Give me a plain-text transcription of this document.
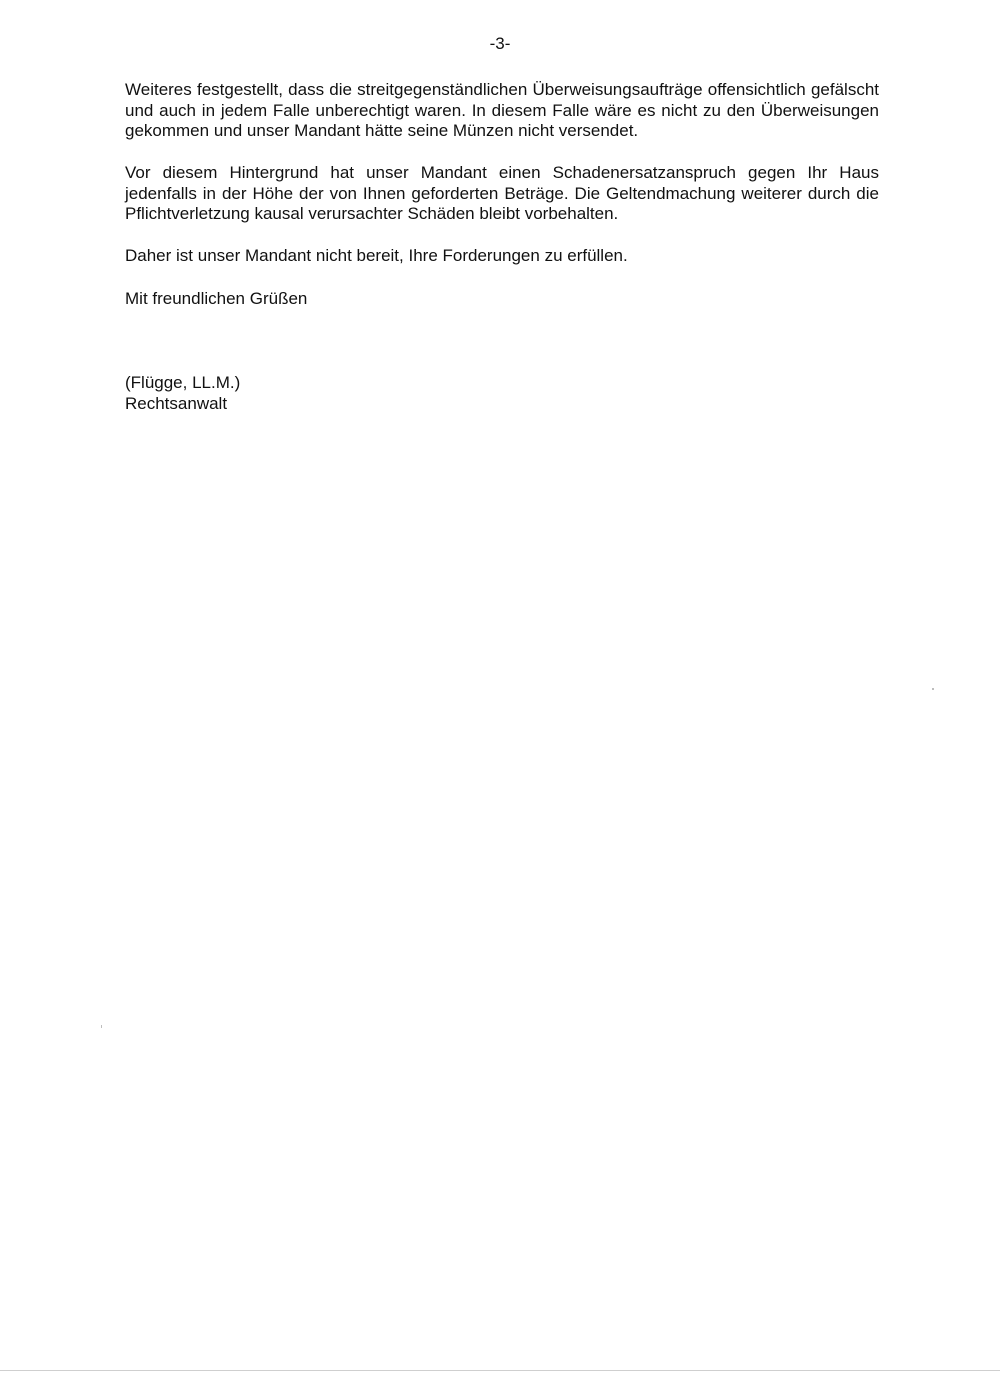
-3-

Weiteres festgestellt, dass die streitgegenständlichen Überweisungsaufträge offensichtlich gefälscht und auch in jedem Falle unberechtigt waren. In diesem Falle wäre es nicht zu den Überweisungen gekommen und unser Mandant hätte seine Münzen nicht versendet.

Vor diesem Hintergrund hat unser Mandant einen Schadenersatzanspruch gegen Ihr Haus jedenfalls in der Höhe der von Ihnen geforderten Beträge. Die Geltendmachung weiterer durch die Pflichtverletzung kausal verursachter Schäden bleibt vorbehalten.

Daher ist unser Mandant nicht bereit, Ihre Forderungen zu erfüllen.

Mit freundlichen Grüßen

(Flügge, LL.M.)
Rechtsanwalt
